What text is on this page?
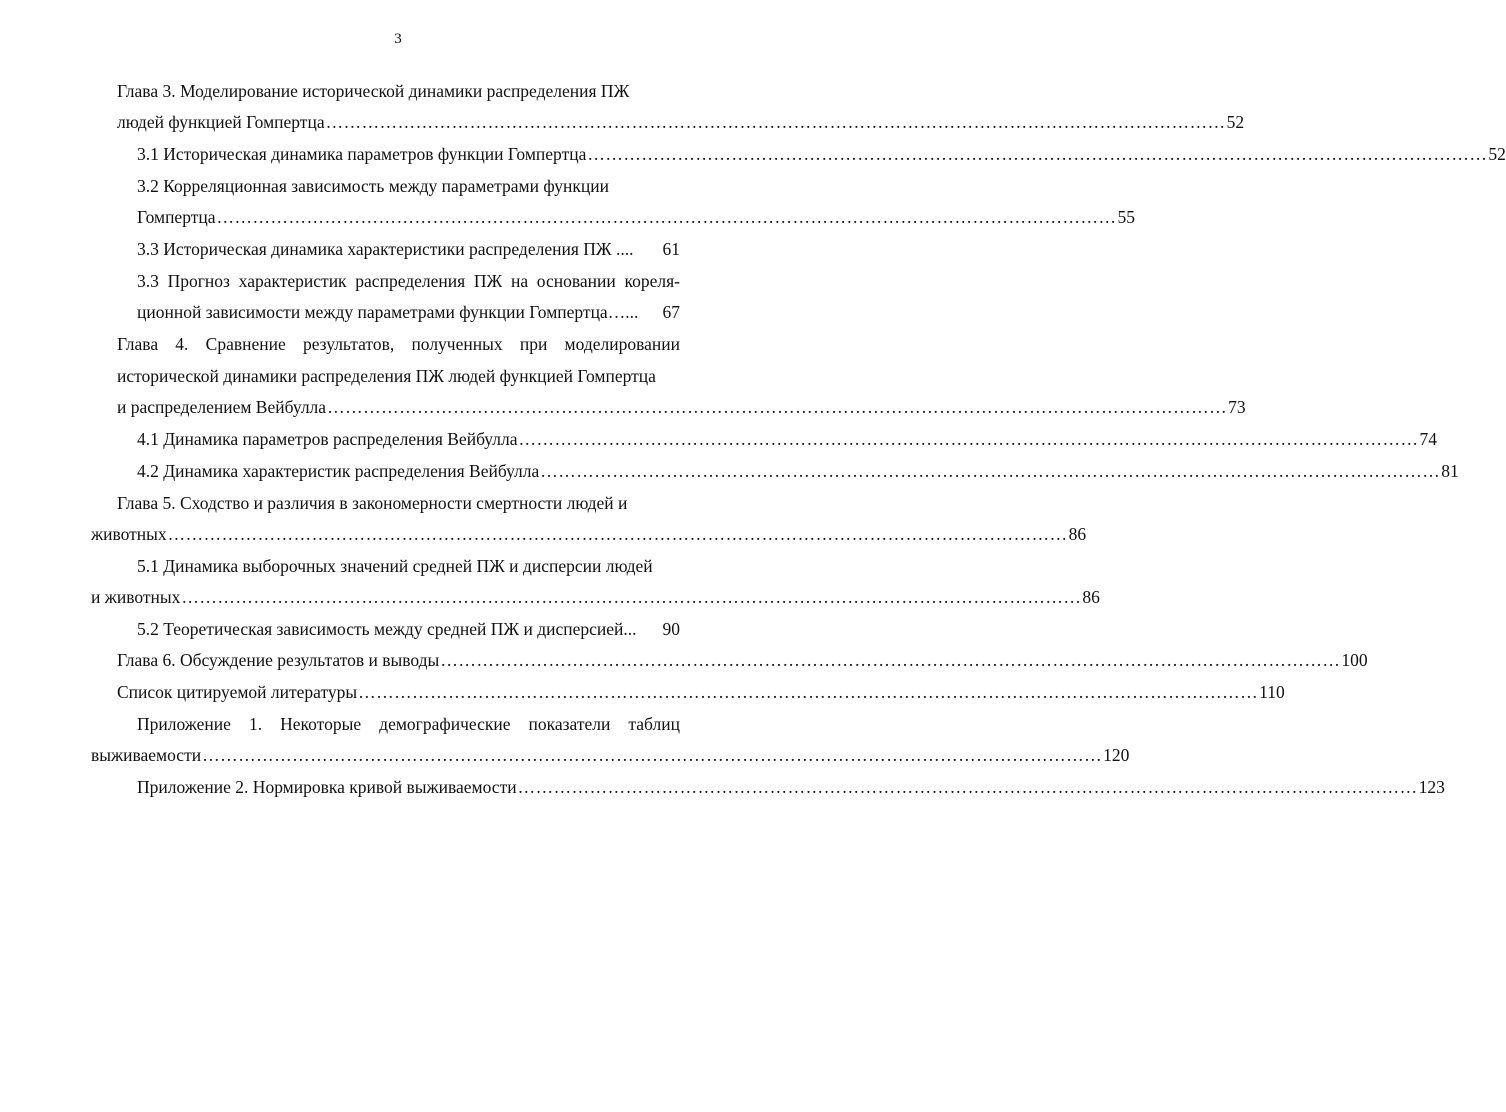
3
Глава 3. Моделирование исторической динамики распределения ПЖ
людей функцией Гомпертца …………………………………………………………………………………………………………………………………… 52
3.1 Историческая динамика параметров функции Гомпертца …………………………………………………………………………………………………………………………………… 52
3.2 Корреляционная зависимость между параметрами функции
Гомпертца …………………………………………………………………………………………………………………………………… 55
3.3 Историческая динамика характеристики распределения ПЖ .... 61
3.3 Прогноз характеристик распределения ПЖ на основании кореля-
ционной зависимости между параметрами функции Гомпертца…... 67
Глава 4. Сравнение результатов, полученных при моделировании
исторической динамики распределения ПЖ людей функцией Гомпертца
и распределением Вейбулла …………………………………………………………………………………………………………………………………… 73
4.1 Динамика параметров распределения Вейбулла …………………………………………………………………………………………………………………………………… 74
4.2 Динамика характеристик распределения Вейбулла …………………………………………………………………………………………………………………………………… 81
Глава 5. Сходство и различия в закономерности смертности людей и
животных …………………………………………………………………………………………………………………………………… 86
5.1 Динамика выборочных значений средней ПЖ и дисперсии людей
и животных …………………………………………………………………………………………………………………………………… 86
5.2 Теоретическая зависимость между средней ПЖ и дисперсией... 90
Глава 6. Обсуждение результатов и выводы …………………………………………………………………………………………………………………………………… 100
Список цитируемой литературы …………………………………………………………………………………………………………………………………… 110
Приложение 1. Некоторые демографические показатели таблиц
выживаемости …………………………………………………………………………………………………………………………………… 120
Приложение 2. Нормировка кривой выживаемости …………………………………………………………………………………………………………………………………… 123
